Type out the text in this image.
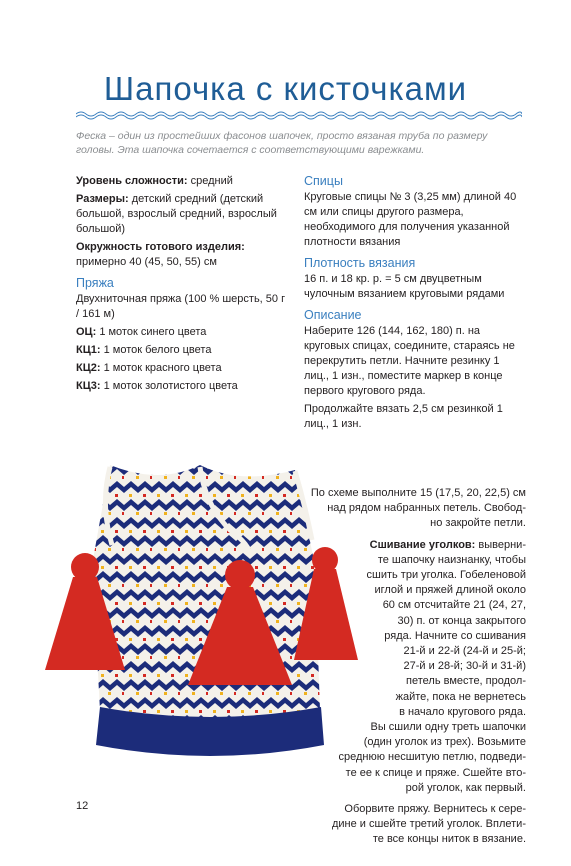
Шапочка с кисточками

Феска – один из простейших фасонов шапочек, просто вязаная труба по размеру головы. Эта шапочка сочетается с соответствующими варежками.

Уровень сложности: средний

Размеры: детский средний (детский большой, взрослый средний, взрослый большой)

Окружность готового изделия: примерно 40 (45, 50, 55) см

Пряжа

Двухниточная пряжа (100 % шерсть, 50 г / 161 м)

ОЦ: 1 моток синего цвета

КЦ1: 1 моток белого цвета

КЦ2: 1 моток красного цвета

КЦ3: 1 моток золотистого цвета

Спицы

Круговые спицы № 3 (3,25 мм) длиной 40 см или спицы другого размера, необходимого для получения указанной плотности вязания

Плотность вязания

16 п. и 18 кр. р. = 5 см двуцветным чулочным вязанием круговыми рядами

Описание

Наберите 126 (144, 162, 180) п. на круговых спицах, соедините, стараясь не перекрутить петли. Начните резинку 1 лиц., 1 изн., поместите маркер в конце первого кругового ряда.

Продолжайте вязать 2,5 см резинкой 1 лиц., 1 изн.

По схеме выполните 15 (17,5, 20, 22,5) см
над рядом набранных петель. Свобод-
но закройте петли.
Сшивание уголков: выверни-
те шапочку наизнанку, чтобы
сшить три уголка. Гобеленовой
иглой и пряжей длиной около
60 см отсчитайте 21 (24, 27,
30) п. от конца закрытого
ряда. Начните со сшивания
21-й и 22-й (24-й и 25-й;
27-й и 28-й; 30-й и 31-й)
петель вместе, продол-
жайте, пока не вернетесь
в начало кругового ряда.
Вы сшили одну треть шапочки
(один уголок из трех). Возьмите
среднюю несшитую петлю, подведи-
те ее к спице и пряже. Сшейте вто-
рой уголок, как первый.
Оборвите пряжу. Вернитесь к сере-
дине и сшейте третий уголок. Вплети-
те все концы ниток в вязание.
12
